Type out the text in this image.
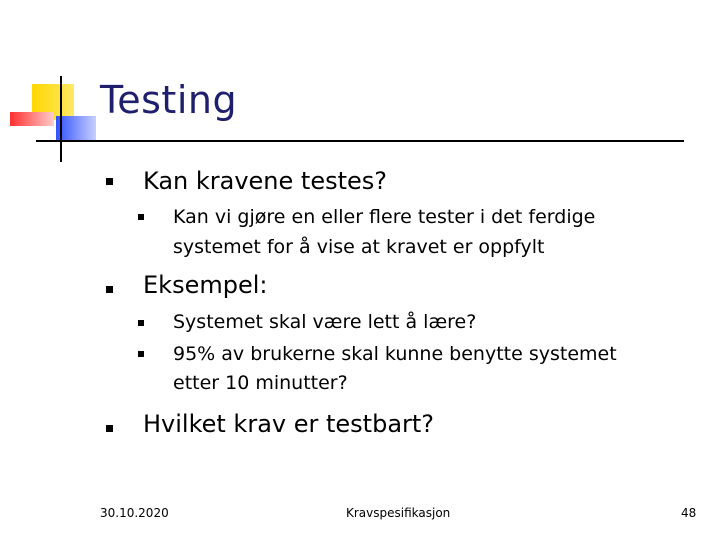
Testing
Kan kravene testes?
Kan vi gjøre en eller flere tester i det ferdige
systemet for å vise at kravet er oppfylt
Eksempel:
Systemet skal være lett å lære?
95% av brukerne skal kunne benytte systemet
etter 10 minutter?
Hvilket krav er testbart?
30.10.2020	Kravspesifikasjon	48
